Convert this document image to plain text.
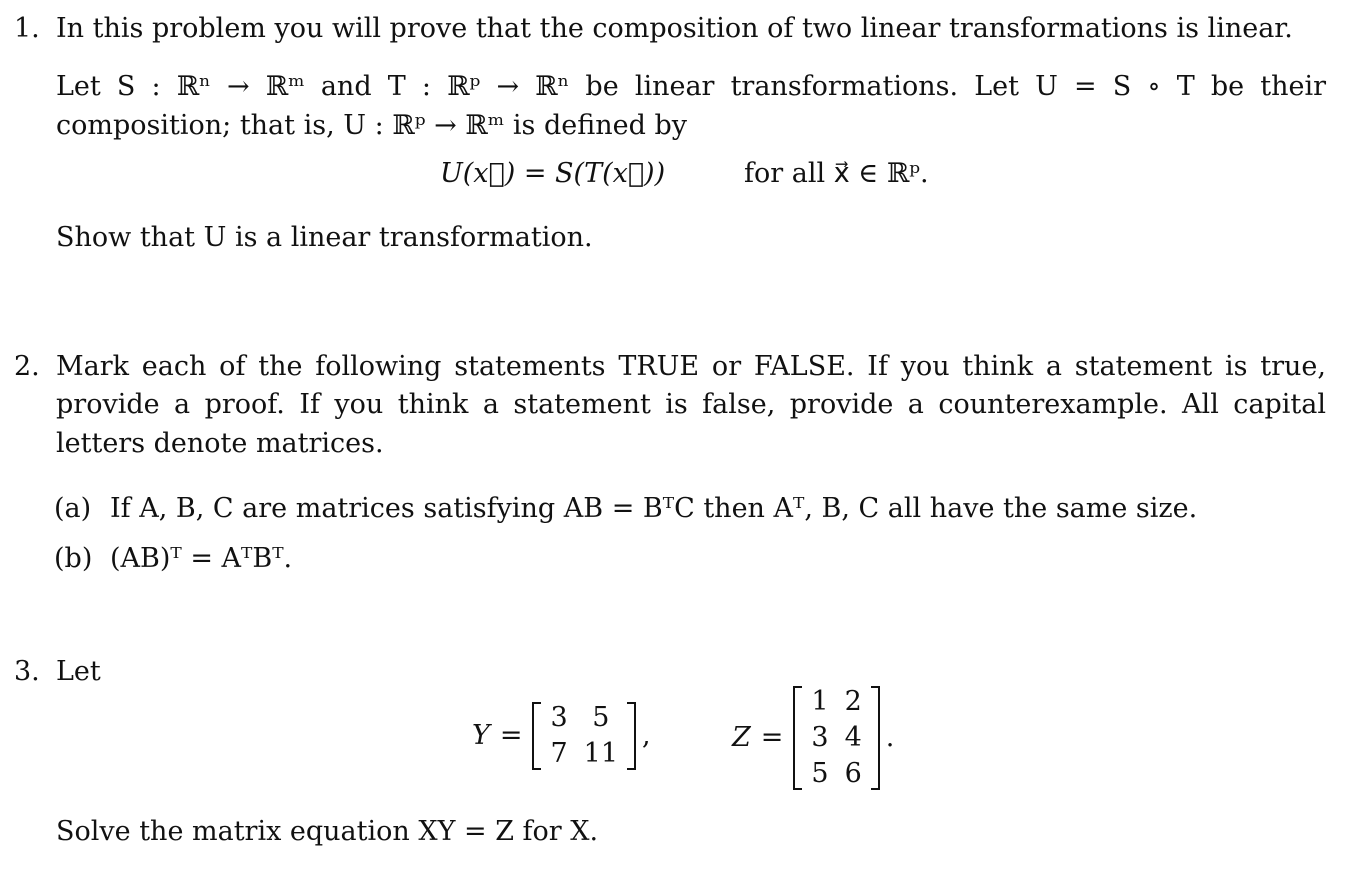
1. In this problem you will prove that the composition of two linear transformations is linear.

Let S : ℝⁿ → ℝᵐ and T : ℝᵖ → ℝⁿ be linear transformations. Let U = S ∘ T be their composition; that is, U : ℝᵖ → ℝᵐ is defined by

U(x⃗) = S(T(x⃗))	for all x⃗ ∈ ℝᵖ.

Show that U is a linear transformation.

2. Mark each of the following statements TRUE or FALSE. If you think a statement is true, provide a proof. If you think a statement is false, provide a counterexample. All capital letters denote matrices.

(a) If A, B, C are matrices satisfying AB = BᵀC then Aᵀ, B, C all have the same size.
(b) (AB)ᵀ = AᵀBᵀ.
3. Let

Y =
3 5
7 11
,	Z =
1 2
3 4
5 6
.

Solve the matrix equation XY = Z for X.
